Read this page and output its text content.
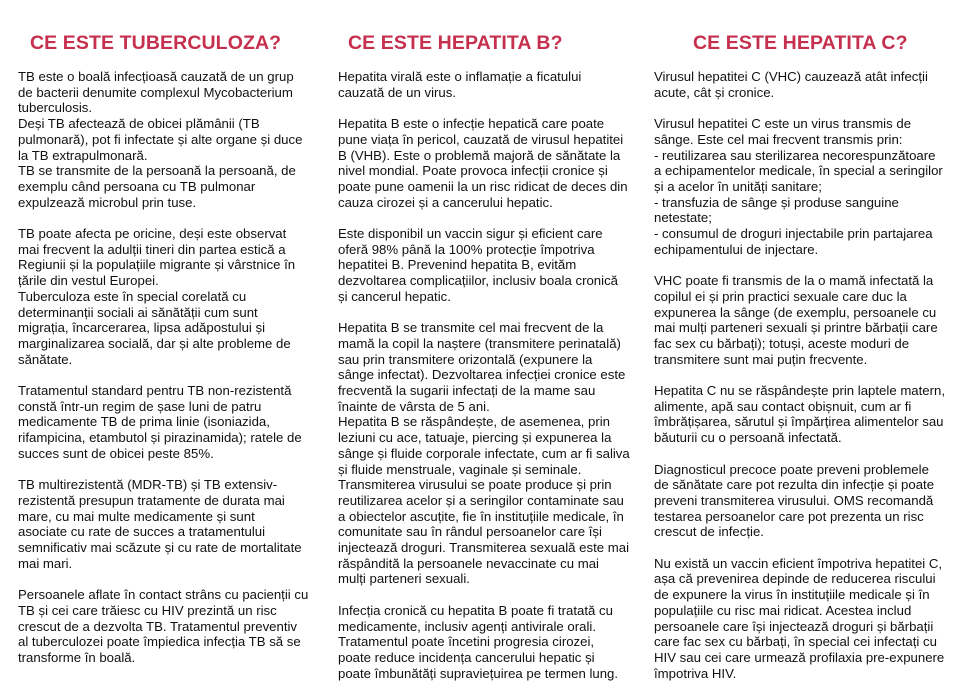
CE ESTE TUBERCULOZA?

TB este o boală infecțioasă cauzată de un grup
de bacterii denumite complexul Mycobacterium
tuberculosis.
Deși TB afectează de obicei plămânii (TB
pulmonară), pot fi infectate și alte organe și duce
la TB extrapulmonară.
TB se transmite de la persoană la persoană, de
exemplu când persoana cu TB pulmonar
expulzează microbul prin tuse.

TB poate afecta pe oricine, deși este observat
mai frecvent la adulții tineri din partea estică a
Regiunii și la populațiile migrante și vârstnice în
țările din vestul Europei.
Tuberculoza este în special corelată cu
determinanții sociali ai sănătății cum sunt
migrația, încarcerarea, lipsa adăpostului și
marginalizarea socială, dar și alte probleme de
sănătate.

Tratamentul standard pentru TB non-rezistentă
constă într-un regim de șase luni de patru
medicamente TB de prima linie (isoniazida,
rifampicina, etambutol și pirazinamida); ratele de
succes sunt de obicei peste 85%.

TB multirezistentă (MDR-TB) și TB extensiv-
rezistentă presupun tratamente de durata mai
mare, cu mai multe medicamente și sunt
asociate cu rate de succes a tratamentului
semnificativ mai scăzute și cu rate de mortalitate
mai mari.

Persoanele aflate în contact strâns cu pacienții cu
TB și cei care trăiesc cu HIV prezintă un risc
crescut de a dezvolta TB. Tratamentul preventiv
al tuberculozei poate împiedica infecția TB să se
transforme în boală.

CE ESTE HEPATITA B?

Hepatita virală este o inflamație a ficatului
cauzată de un virus.

Hepatita B este o infecție hepatică care poate
pune viața în pericol, cauzată de virusul hepatitei
B (VHB). Este o problemă majoră de sănătate la
nivel mondial. Poate provoca infecții cronice și
poate pune oamenii la un risc ridicat de deces din
cauza cirozei și a cancerului hepatic.

Este disponibil un vaccin sigur și eficient care
oferă 98% până la 100% protecție împotriva
hepatitei B. Prevenind hepatita B, evităm
dezvoltarea complicațiilor, inclusiv boala cronică
și cancerul hepatic.

Hepatita B se transmite cel mai frecvent de la
mamă la copil la naștere (transmitere perinatală)
sau prin transmitere orizontală (expunere la
sânge infectat). Dezvoltarea infecției cronice este
frecventă la sugarii infectați de la mame sau
înainte de vârsta de 5 ani.
Hepatita B se răspândește, de asemenea, prin
leziuni cu ace, tatuaje, piercing și expunerea la
sânge și fluide corporale infectate, cum ar fi saliva
și fluide menstruale, vaginale și seminale.
Transmiterea virusului se poate produce și prin
reutilizarea acelor și a seringilor contaminate sau
a obiectelor ascuțite, fie în instituțiile medicale, în
comunitate sau în rândul persoanelor care își
injectează droguri. Transmiterea sexuală este mai
răspândită la persoanele nevaccinate cu mai
mulți parteneri sexuali.

Infecția cronică cu hepatita B poate fi tratată cu
medicamente, inclusiv agenți antivirale orali.
Tratamentul poate încetini progresia cirozei,
poate reduce incidența cancerului hepatic și
poate îmbunătăți supraviețuirea pe termen lung.

CE ESTE HEPATITA C?

Virusul hepatitei C (VHC) cauzează atât infecții
acute, cât și cronice.

Virusul hepatitei C este un virus transmis de
sânge. Este cel mai frecvent transmis prin:
- reutilizarea sau sterilizarea necorespunzătoare
a echipamentelor medicale, în special a seringilor
și a acelor în unități sanitare;
- transfuzia de sânge și produse sanguine
netestate;
- consumul de droguri injectabile prin partajarea
echipamentului de injectare.

VHC poate fi transmis de la o mamă infectată la
copilul ei și prin practici sexuale care duc la
expunerea la sânge (de exemplu, persoanele cu
mai mulți parteneri sexuali și printre bărbații care
fac sex cu bărbați); totuși, aceste moduri de
transmitere sunt mai puțin frecvente.

Hepatita C nu se răspândește prin laptele matern,
alimente, apă sau contact obișnuit, cum ar fi
îmbrățișarea, sărutul și împărțirea alimentelor sau
băuturii cu o persoană infectată.

Diagnosticul precoce poate preveni problemele
de sănătate care pot rezulta din infecție și poate
preveni transmiterea virusului. OMS recomandă
testarea persoanelor care pot prezenta un risc
crescut de infecție.

Nu există un vaccin eficient împotriva hepatitei C,
așa că prevenirea depinde de reducerea riscului
de expunere la virus în instituțiile medicale și în
populațiile cu risc mai ridicat. Acestea includ
persoanele care își injectează droguri și bărbații
care fac sex cu bărbați, în special cei infectați cu
HIV sau cei care urmează profilaxia pre-expunere
împotriva HIV.
